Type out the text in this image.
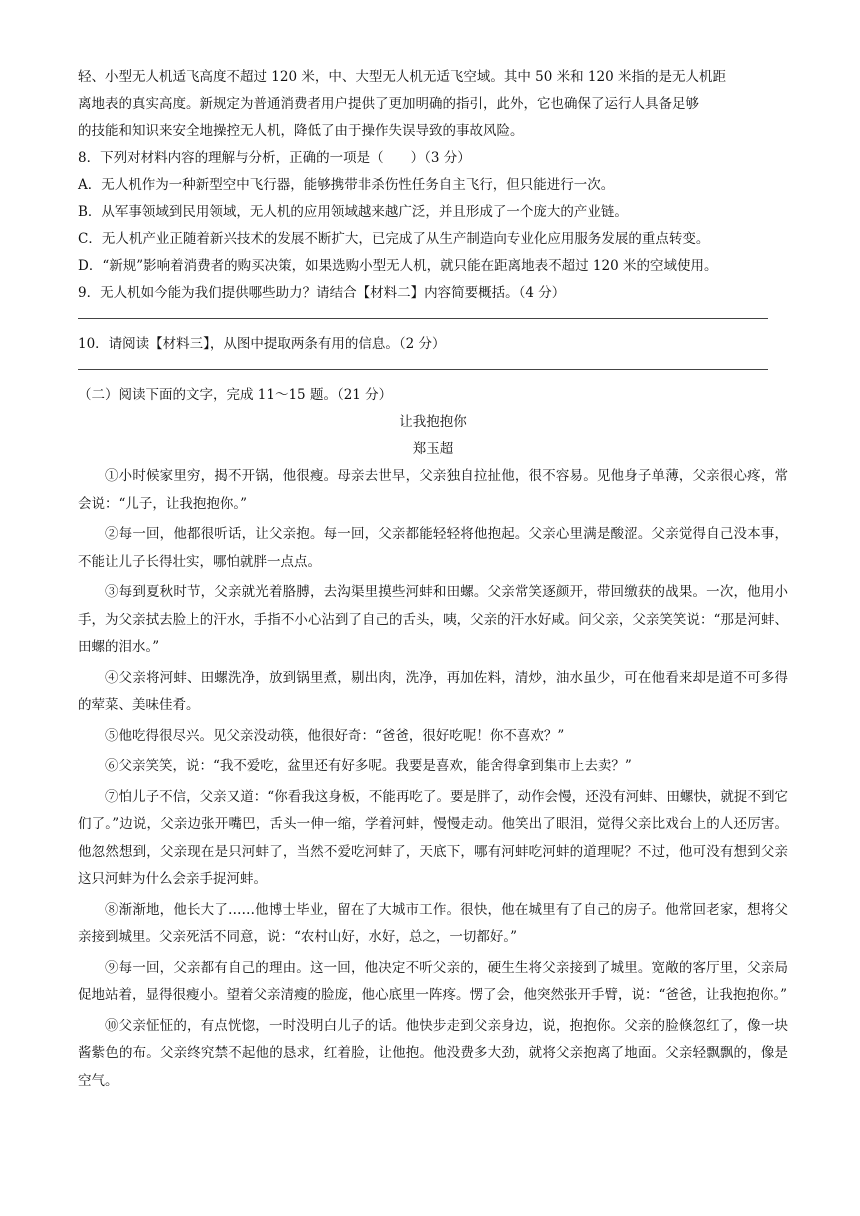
轻、小型无人机适飞高度不超过 120 米，中、大型无人机无适飞空域。其中 50 米和 120 米指的是无人机距
离地表的真实高度。新规定为普通消费者用户提供了更加明确的指引，此外，它也确保了运行人具备足够
的技能和知识来安全地操控无人机，降低了由于操作失误导致的事故风险。
8．下列对材料内容的理解与分析，正确的一项是（　　）（3 分）
A．无人机作为一种新型空中飞行器，能够携带非杀伤性任务自主飞行，但只能进行一次。
B．从军事领域到民用领域，无人机的应用领域越来越广泛，并且形成了一个庞大的产业链。
C．无人机产业正随着新兴技术的发展不断扩大，已完成了从生产制造向专业化应用服务发展的重点转变。
D．“新规”影响着消费者的购买决策，如果选购小型无人机，就只能在距离地表不超过 120 米的空域使用。
9．无人机如今能为我们提供哪些助力？请结合【材料二】内容简要概括。（4 分）
10．请阅读【材料三】，从图中提取两条有用的信息。（2 分）
（二）阅读下面的文字，完成 11～15 题。（21 分）
让我抱抱你
郑玉超

①小时候家里穷，揭不开锅，他很瘦。母亲去世早，父亲独自拉扯他，很不容易。见他身子单薄，父亲很心疼，常会说：“儿子，让我抱抱你。”

②每一回，他都很听话，让父亲抱。每一回，父亲都能轻轻将他抱起。父亲心里满是酸涩。父亲觉得自己没本事，不能让儿子长得壮实，哪怕就胖一点点。

③每到夏秋时节，父亲就光着胳膊，去沟渠里摸些河蚌和田螺。父亲常笑逐颜开，带回缴获的战果。一次，他用小手，为父亲拭去脸上的汗水，手指不小心沾到了自己的舌头，咦，父亲的汗水好咸。问父亲，父亲笑笑说：“那是河蚌、田螺的泪水。”

④父亲将河蚌、田螺洗净，放到锅里煮，剔出肉，洗净，再加佐料，清炒，油水虽少，可在他看来却是道不可多得的荤菜、美味佳肴。

⑤他吃得很尽兴。见父亲没动筷，他很好奇：“爸爸，很好吃呢！你不喜欢？”

⑥父亲笑笑，说：“我不爱吃，盆里还有好多呢。我要是喜欢，能舍得拿到集市上去卖？”

⑦怕儿子不信，父亲又道：“你看我这身板，不能再吃了。要是胖了，动作会慢，还没有河蚌、田螺快，就捉不到它们了。”边说，父亲边张开嘴巴，舌头一伸一缩，学着河蚌，慢慢走动。他笑出了眼泪，觉得父亲比戏台上的人还厉害。他忽然想到，父亲现在是只河蚌了，当然不爱吃河蚌了，天底下，哪有河蚌吃河蚌的道理呢？不过，他可没有想到父亲这只河蚌为什么会亲手捉河蚌。

⑧渐渐地，他长大了……他博士毕业，留在了大城市工作。很快，他在城里有了自己的房子。他常回老家，想将父亲接到城里。父亲死活不同意，说：“农村山好，水好，总之，一切都好。”

⑨每一回，父亲都有自己的理由。这一回，他决定不听父亲的，硬生生将父亲接到了城里。宽敞的客厅里，父亲局促地站着，显得很瘦小。望着父亲清瘦的脸庞，他心底里一阵疼。愣了会，他突然张开手臂，说：“爸爸，让我抱抱你。”

⑩父亲怔怔的，有点恍惚，一时没明白儿子的话。他快步走到父亲身边，说，抱抱你。父亲的脸倏忽红了，像一块酱紫色的布。父亲终究禁不起他的恳求，红着脸，让他抱。他没费多大劲，就将父亲抱离了地面。父亲轻飘飘的，像是空气。
